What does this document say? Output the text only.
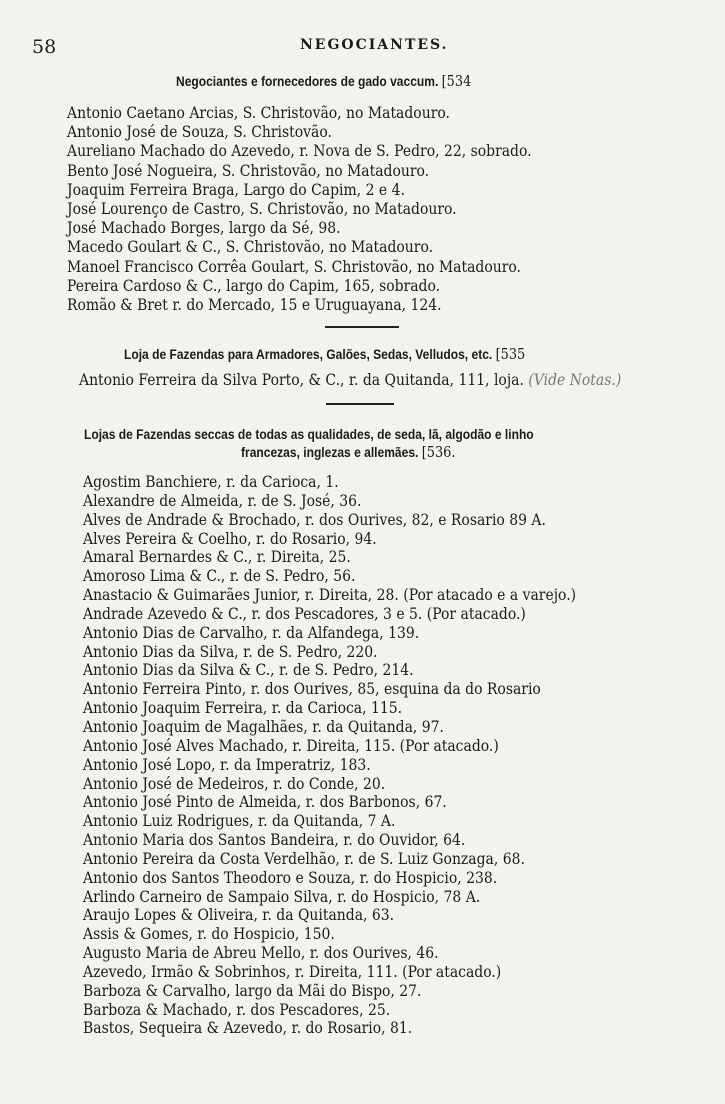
58	NEGOCIANTES.
Negociantes e fornecedores de gado vaccum. [534
Antonio Caetano Arcias, S. Christovão, no Matadouro.
Antonio José de Souza, S. Christovão.
Aureliano Machado do Azevedo, r. Nova de S. Pedro, 22, sobrado.
Bento José Nogueira, S. Christovão, no Matadouro.
Joaquim Ferreira Braga, Largo do Capim, 2 e 4.
José Lourenço de Castro, S. Christovão, no Matadouro.
José Machado Borges, largo da Sé, 98.
Macedo Goulart & C., S. Christovão, no Matadouro.
Manoel Francisco Corrêa Goulart, S. Christovão, no Matadouro.
Pereira Cardoso & C., largo do Capim, 165, sobrado.
Romão & Bret r. do Mercado, 15 e Uruguayana, 124.
Loja de Fazendas para Armadores, Galões, Sedas, Velludos, etc. [535
Antonio Ferreira da Silva Porto, & C., r. da Quitanda, 111, loja. (Vide Notas.)
Lojas de Fazendas seccas de todas as qualidades, de seda, lã, algodão e linho
francezas, inglezas e allemães. [536.
Agostim Banchiere, r. da Carioca, 1.
Alexandre de Almeida, r. de S. José, 36.
Alves de Andrade & Brochado, r. dos Ourives, 82, e Rosario 89 A.
Alves Pereira & Coelho, r. do Rosario, 94.
Amaral Bernardes & C., r. Direita, 25.
Amoroso Lima & C., r. de S. Pedro, 56.
Anastacio & Guimarães Junior, r. Direita, 28. (Por atacado e a varejo.)
Andrade Azevedo & C., r. dos Pescadores, 3 e 5. (Por atacado.)
Antonio Dias de Carvalho, r. da Alfandega, 139.
Antonio Dias da Silva, r. de S. Pedro, 220.
Antonio Dias da Silva & C., r. de S. Pedro, 214.
Antonio Ferreira Pinto, r. dos Ourives, 85, esquina da do Rosario
Antonio Joaquim Ferreira, r. da Carioca, 115.
Antonio Joaquim de Magalhães, r. da Quitanda, 97.
Antonio José Alves Machado, r. Direita, 115. (Por atacado.)
Antonio José Lopo, r. da Imperatriz, 183.
Antonio José de Medeiros, r. do Conde, 20.
Antonio José Pinto de Almeida, r. dos Barbonos, 67.
Antonio Luiz Rodrigues, r. da Quitanda, 7 A.
Antonio Maria dos Santos Bandeira, r. do Ouvidor, 64.
Antonio Pereira da Costa Verdelhão, r. de S. Luiz Gonzaga, 68.
Antonio dos Santos Theodoro e Souza, r. do Hospicio, 238.
Arlindo Carneiro de Sampaio Silva, r. do Hospicio, 78 A.
Araujo Lopes & Oliveira, r. da Quitanda, 63.
Assis & Gomes, r. do Hospicio, 150.
Augusto Maria de Abreu Mello, r. dos Ourives, 46.
Azevedo, Irmão & Sobrinhos, r. Direita, 111. (Por atacado.)
Barboza & Carvalho, largo da Mãi do Bispo, 27.
Barboza & Machado, r. dos Pescadores, 25.
Bastos, Sequeira & Azevedo, r. do Rosario, 81.
